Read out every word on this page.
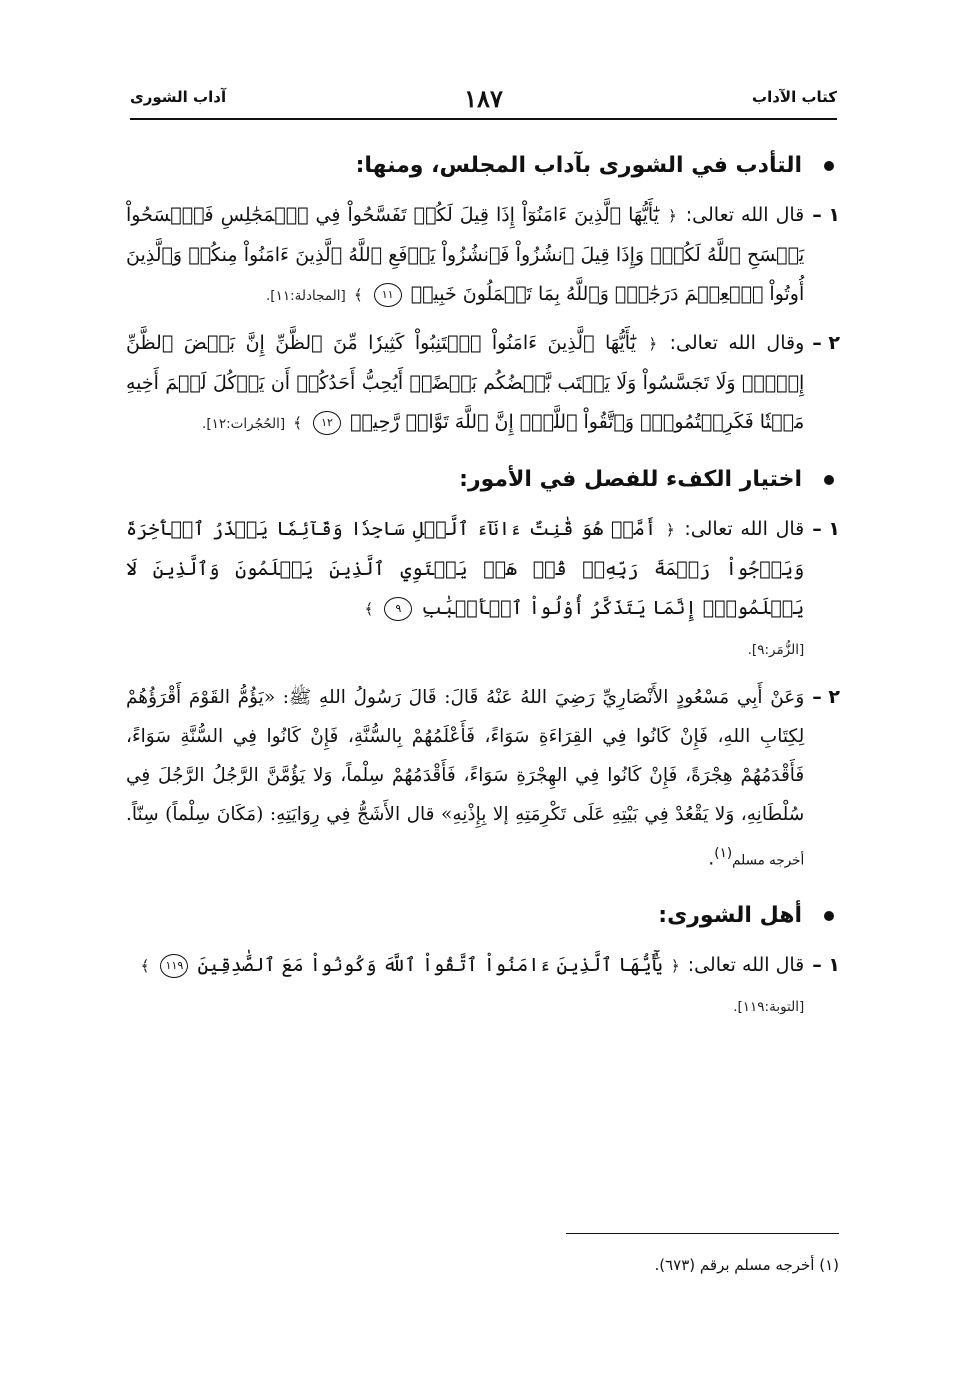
كتاب الآداب
١٨٧
آداب الشورى
التأدب في الشورى بآداب المجلس، ومنها:
١ –
قال الله تعالى: ﴿ يَٰٓأَيُّهَا ٱلَّذِينَ ءَامَنُوٓاْ إِذَا قِيلَ لَكُمۡ تَفَسَّحُواْ فِي ٱلۡمَجَٰلِسِ فَٱفۡسَحُواْ يَفۡسَحِ ٱللَّهُ لَكُمۡۖ وَإِذَا قِيلَ ٱنشُزُواْ فَٱنشُزُواْ يَرۡفَعِ ٱللَّهُ ٱلَّذِينَ ءَامَنُواْ مِنكُمۡ وَٱلَّذِينَ أُوتُواْ ٱلۡعِلۡمَ دَرَجَٰتٖۚ وَٱللَّهُ بِمَا تَعۡمَلُونَ خَبِيرٞ ١١ ﴾ [المجادلة:١١].
٢ –
وقال الله تعالى: ﴿ يَٰٓأَيُّهَا ٱلَّذِينَ ءَامَنُواْ ٱجۡتَنِبُواْ كَثِيرٗا مِّنَ ٱلظَّنِّ إِنَّ بَعۡضَ ٱلظَّنِّ إِثۡمٞۖ وَلَا تَجَسَّسُواْ وَلَا يَغۡتَب بَّعۡضُكُم بَعۡضًاۚ أَيُحِبُّ أَحَدُكُمۡ أَن يَأۡكُلَ لَحۡمَ أَخِيهِ مَيۡتٗا فَكَرِهۡتُمُوهُۚ وَٱتَّقُواْ ٱللَّهَۚ إِنَّ ٱللَّهَ تَوَّابٞ رَّحِيمٞ ١٢ ﴾ [الحُجُرات:١٢].
اختيار الكفء للفصل في الأمور:
١ –
قال الله تعالى: ﴿ أَمَّنۡ هُوَ قَٰنِتٌ ءَانَآءَ ٱلَّيۡلِ سَاجِدٗا وَقَآئِمٗا يَحۡذَرُ ٱلۡأٓخِرَةَ وَيَرۡجُواْ رَحۡمَةَ رَبِّهِۦۗ قُلۡ هَلۡ يَسۡتَوِي ٱلَّذِينَ يَعۡلَمُونَ وَٱلَّذِينَ لَا يَعۡلَمُونَۗ إِنَّمَا يَتَذَكَّرُ أُوْلُواْ ٱلۡأَلۡبَٰبِ ٩ ﴾
[الزُّمَر:٩].
٢ –
وَعَنْ أَبِي مَسْعُودٍ الأَنْصَارِيِّ رَضِيَ اللهُ عَنْهُ قَالَ: قَالَ رَسُولُ اللهِ ﷺ: «يَؤُمُّ القَوْمَ أَقْرَؤُهُمْ لِكِتَابِ اللهِ، فَإِنْ كَانُوا فِي القِرَاءَةِ سَوَاءً، فَأَعْلَمُهُمْ بِالسُّنَّةِ، فَإِنْ كَانُوا فِي السُّنَّةِ سَوَاءً، فَأَقْدَمُهُمْ هِجْرَةً، فَإِنْ كَانُوا فِي الهِجْرَةِ سَوَاءً، فَأَقْدَمُهُمْ سِلْماً، وَلا يَؤُمَّنَّ الرَّجُلُ الرَّجُلَ فِي سُلْطَانِهِ، وَلا يَقْعُدْ فِي بَيْتِهِ عَلَى تَكْرِمَتِهِ إلا بِإِذْنِهِ» قال الأَشَجُّ فِي رِوَايَتِهِ: (مَكَانَ سِلْماً) سِنّاً. أخرجه مسلم$^{(١)}$.
أهل الشورى:
١ –
قال الله تعالى: ﴿ يَٰٓأَيُّهَا ٱلَّذِينَ ءَامَنُواْ ٱتَّقُواْ ٱللَّهَ وَكُونُواْ مَعَ ٱلصَّٰدِقِينَ ١١٩ ﴾
[التوبة:١١٩].
(١) أخرجه مسلم برقم (٦٧٣).
